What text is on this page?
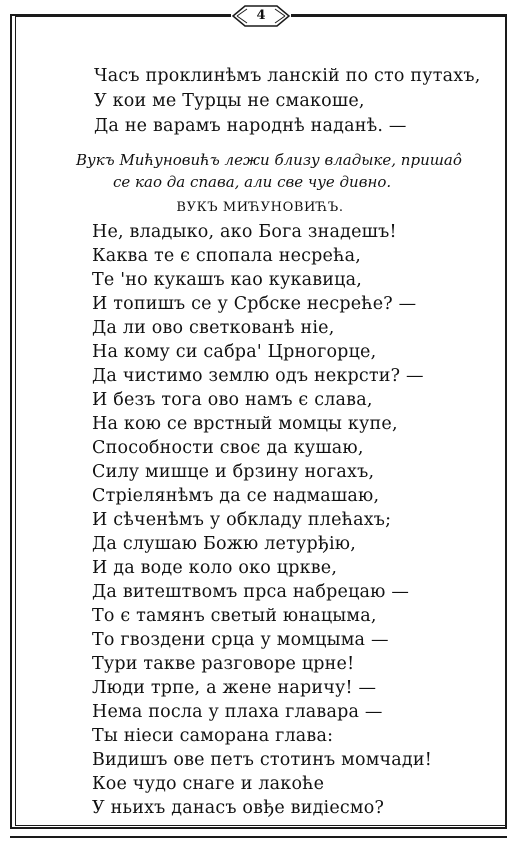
4
Часъ проклинѣмъ ланскій по сто путахъ,
У кои ме Турцы не смакоше,
Да не варамъ народнѣ наданѣ. —
Вукъ Мићуновићъ лежи близу владыке, пришаô
се као да спава, али све чуе дивно.
ВУКЪ МИЋУНОВИЋЪ.
Не, владыко, ако Бога знадешъ!
Каква те є спопала несрећа,
Те 'но кукашъ као кукавица,
И топишъ се у Србске несрећe? —
Да ли ово светкованѣ ніе,
На кому си сабра' Црногорце,
Да чистимо землю одъ некрсти? —
И безъ тога ово намъ є слава,
На кою се врстный момцы купе,
Способности своє да кушаю,
Силу мишце и брзину ногахъ,
Стріелянѣмъ да се надмашаю,
И сѣченѣмъ у обкладу плећахъ;
Да слушаю Божю летурђію,
И да воде коло око цркве,
Да витештвомъ прса набрецаю —
То є тамянъ светый юнацыма,
То гвоздени срца у момцыма —
Тури такве разговоре црне!
Люди трпе, а жене наричу! —
Нема посла у плаха главара —
Ты ніеси саморана глава:
Видишъ ове петъ стотинъ момчади!
Кое чудо снаге и лакоће
У ньихъ данасъ овђе видіесмо?
